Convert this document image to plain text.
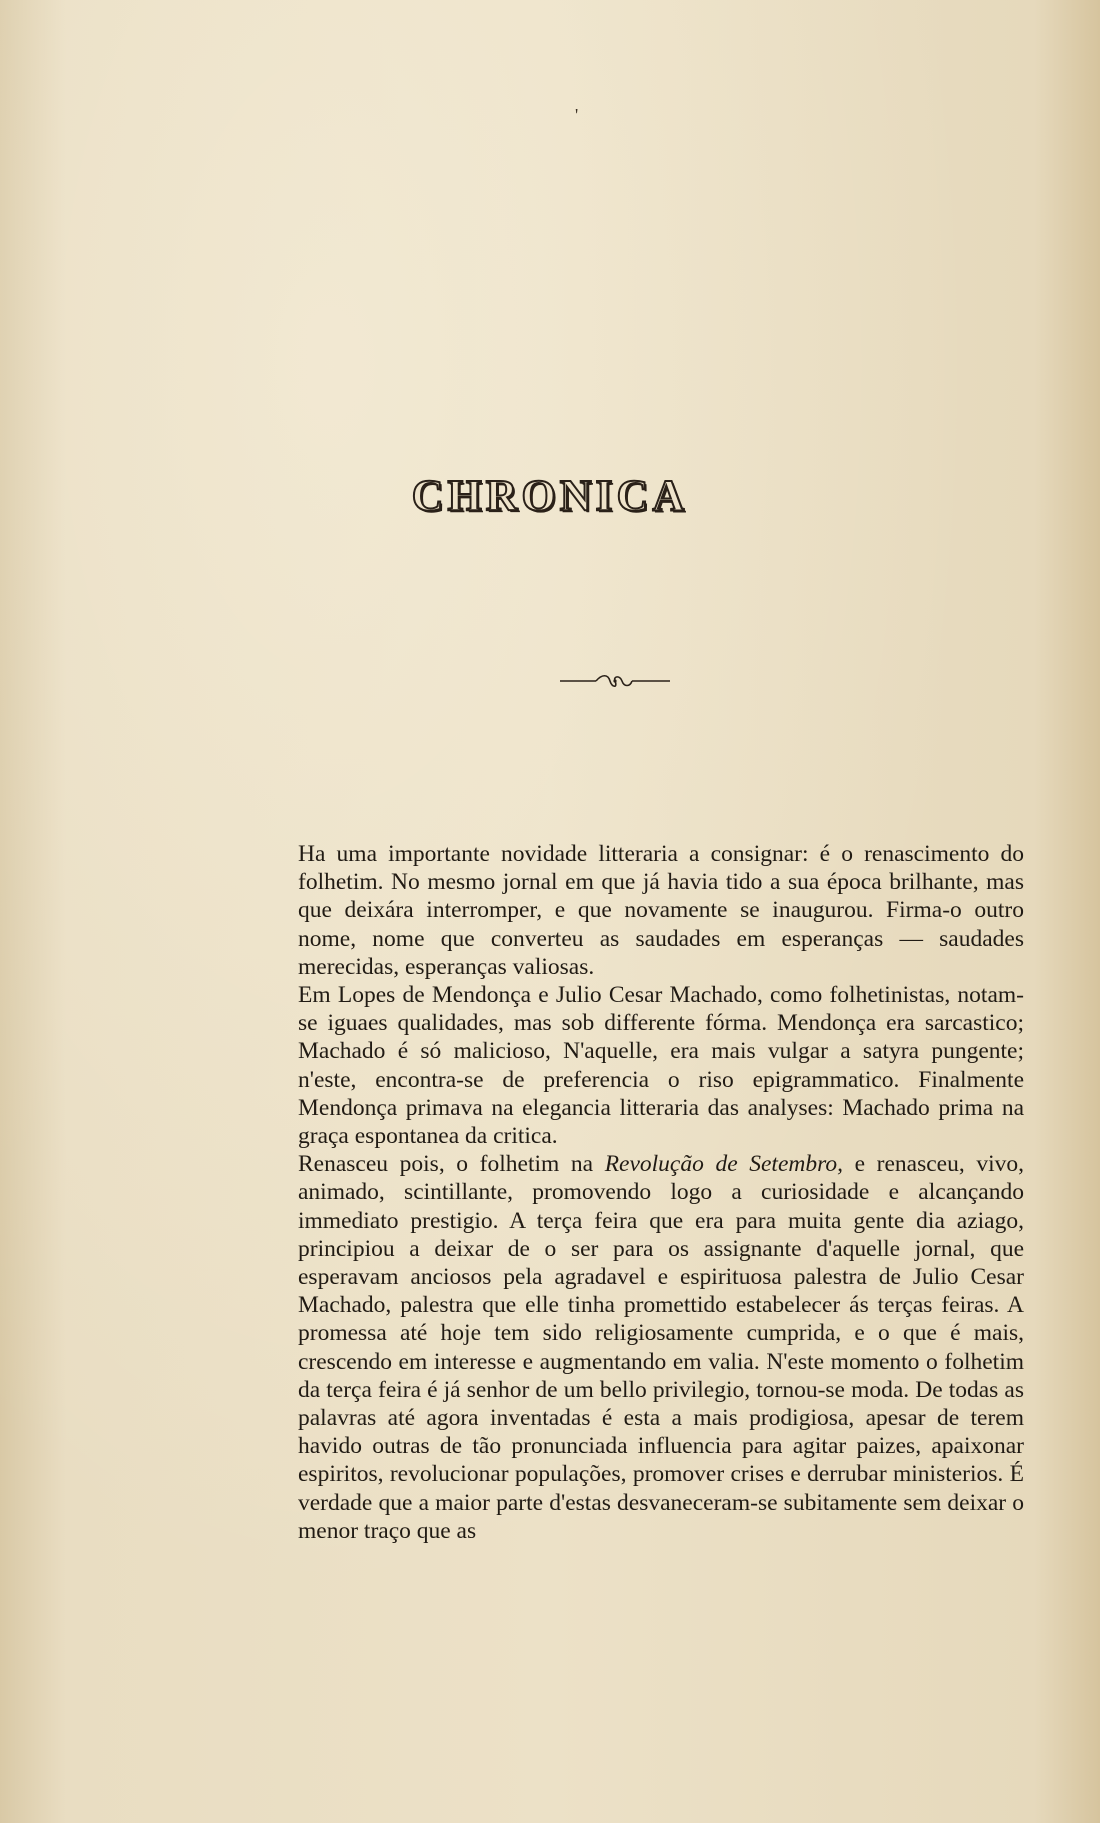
'
CHRONICA

Ha uma importante novidade litteraria a consignar: é o renascimento do folhetim. No mesmo jornal em que já havia tido a sua época brilhante, mas que deixára interromper, e que novamente se inaugurou. Firma-o outro nome, nome que converteu as saudades em esperanças — saudades merecidas, esperanças valiosas.

Em Lopes de Mendonça e Julio Cesar Machado, como folhetinistas, notam-se iguaes qualidades, mas sob differente fórma. Mendonça era sarcastico; Machado é só malicioso, N'aquelle, era mais vulgar a satyra pungente; n'este, encontra-se de preferencia o riso epigrammatico. Finalmente Mendonça primava na elegancia litteraria das analyses: Machado prima na graça espontanea da critica.

Renasceu pois, o folhetim na Revolução de Setembro, e renasceu, vivo, animado, scintillante, promovendo logo a curiosidade e alcançando immediato prestigio. A terça feira que era para muita gente dia aziago, principiou a deixar de o ser para os assignante d'aquelle jornal, que esperavam anciosos pela agradavel e espirituosa palestra de Julio Cesar Machado, palestra que elle tinha promettido estabelecer ás terças feiras. A promessa até hoje tem sido religiosamente cumprida, e o que é mais, crescendo em interesse e augmentando em valia. N'este momento o folhetim da terça feira é já senhor de um bello privilegio, tornou-se moda. De todas as palavras até agora inventadas é esta a mais prodigiosa, apesar de terem havido outras de tão pronunciada influencia para agitar paizes, apaixonar espiritos, revolucionar populações, promover crises e derrubar ministerios. É verdade que a maior parte d'estas desvaneceram-se subitamente sem deixar o menor traço que as
